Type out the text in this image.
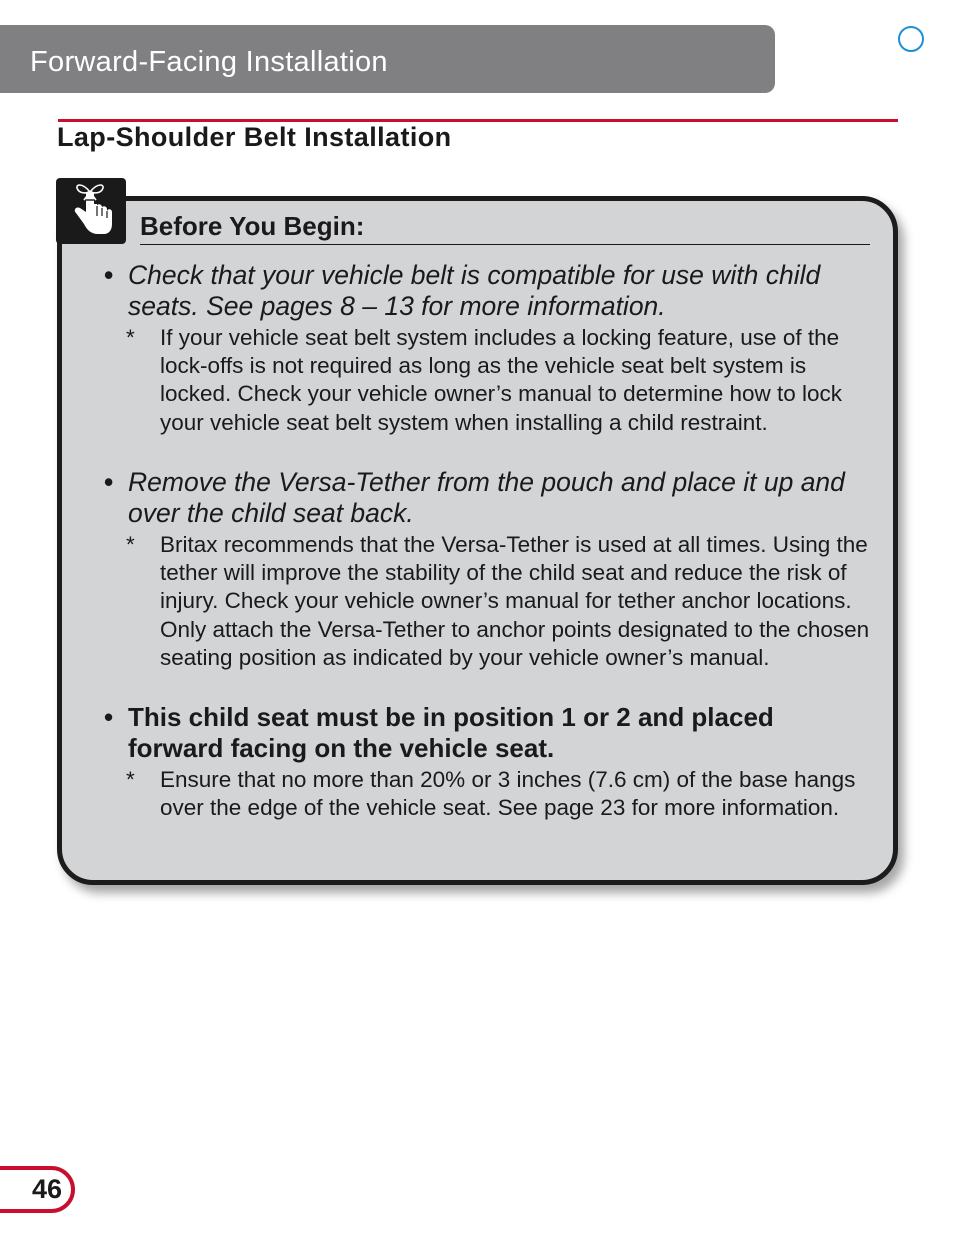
Forward-Facing Installation
Lap-Shoulder Belt Installation
Before You Begin:
• Check that your vehicle belt is compatible for use with child seats. See pages 8 – 13 for more information.
* If your vehicle seat belt system includes a locking feature, use of the lock-offs is not required as long as the vehicle seat belt system is locked. Check your vehicle owner’s manual to determine how to lock your vehicle seat belt system when installing a child restraint.
• Remove the Versa-Tether from the pouch and place it up and over the child seat back.
* Britax recommends that the Versa-Tether is used at all times. Using the tether will improve the stability of the child seat and reduce the risk of injury. Check your vehicle owner’s manual for tether anchor locations. Only attach the Versa-Tether to anchor points designated to the chosen seating position as indicated by your vehicle owner’s manual.
• This child seat must be in position 1 or 2 and placed forward facing on the vehicle seat.
* Ensure that no more than 20% or 3 inches (7.6 cm) of the base hangs over the edge of the vehicle seat. See page 23 for more information.
46
